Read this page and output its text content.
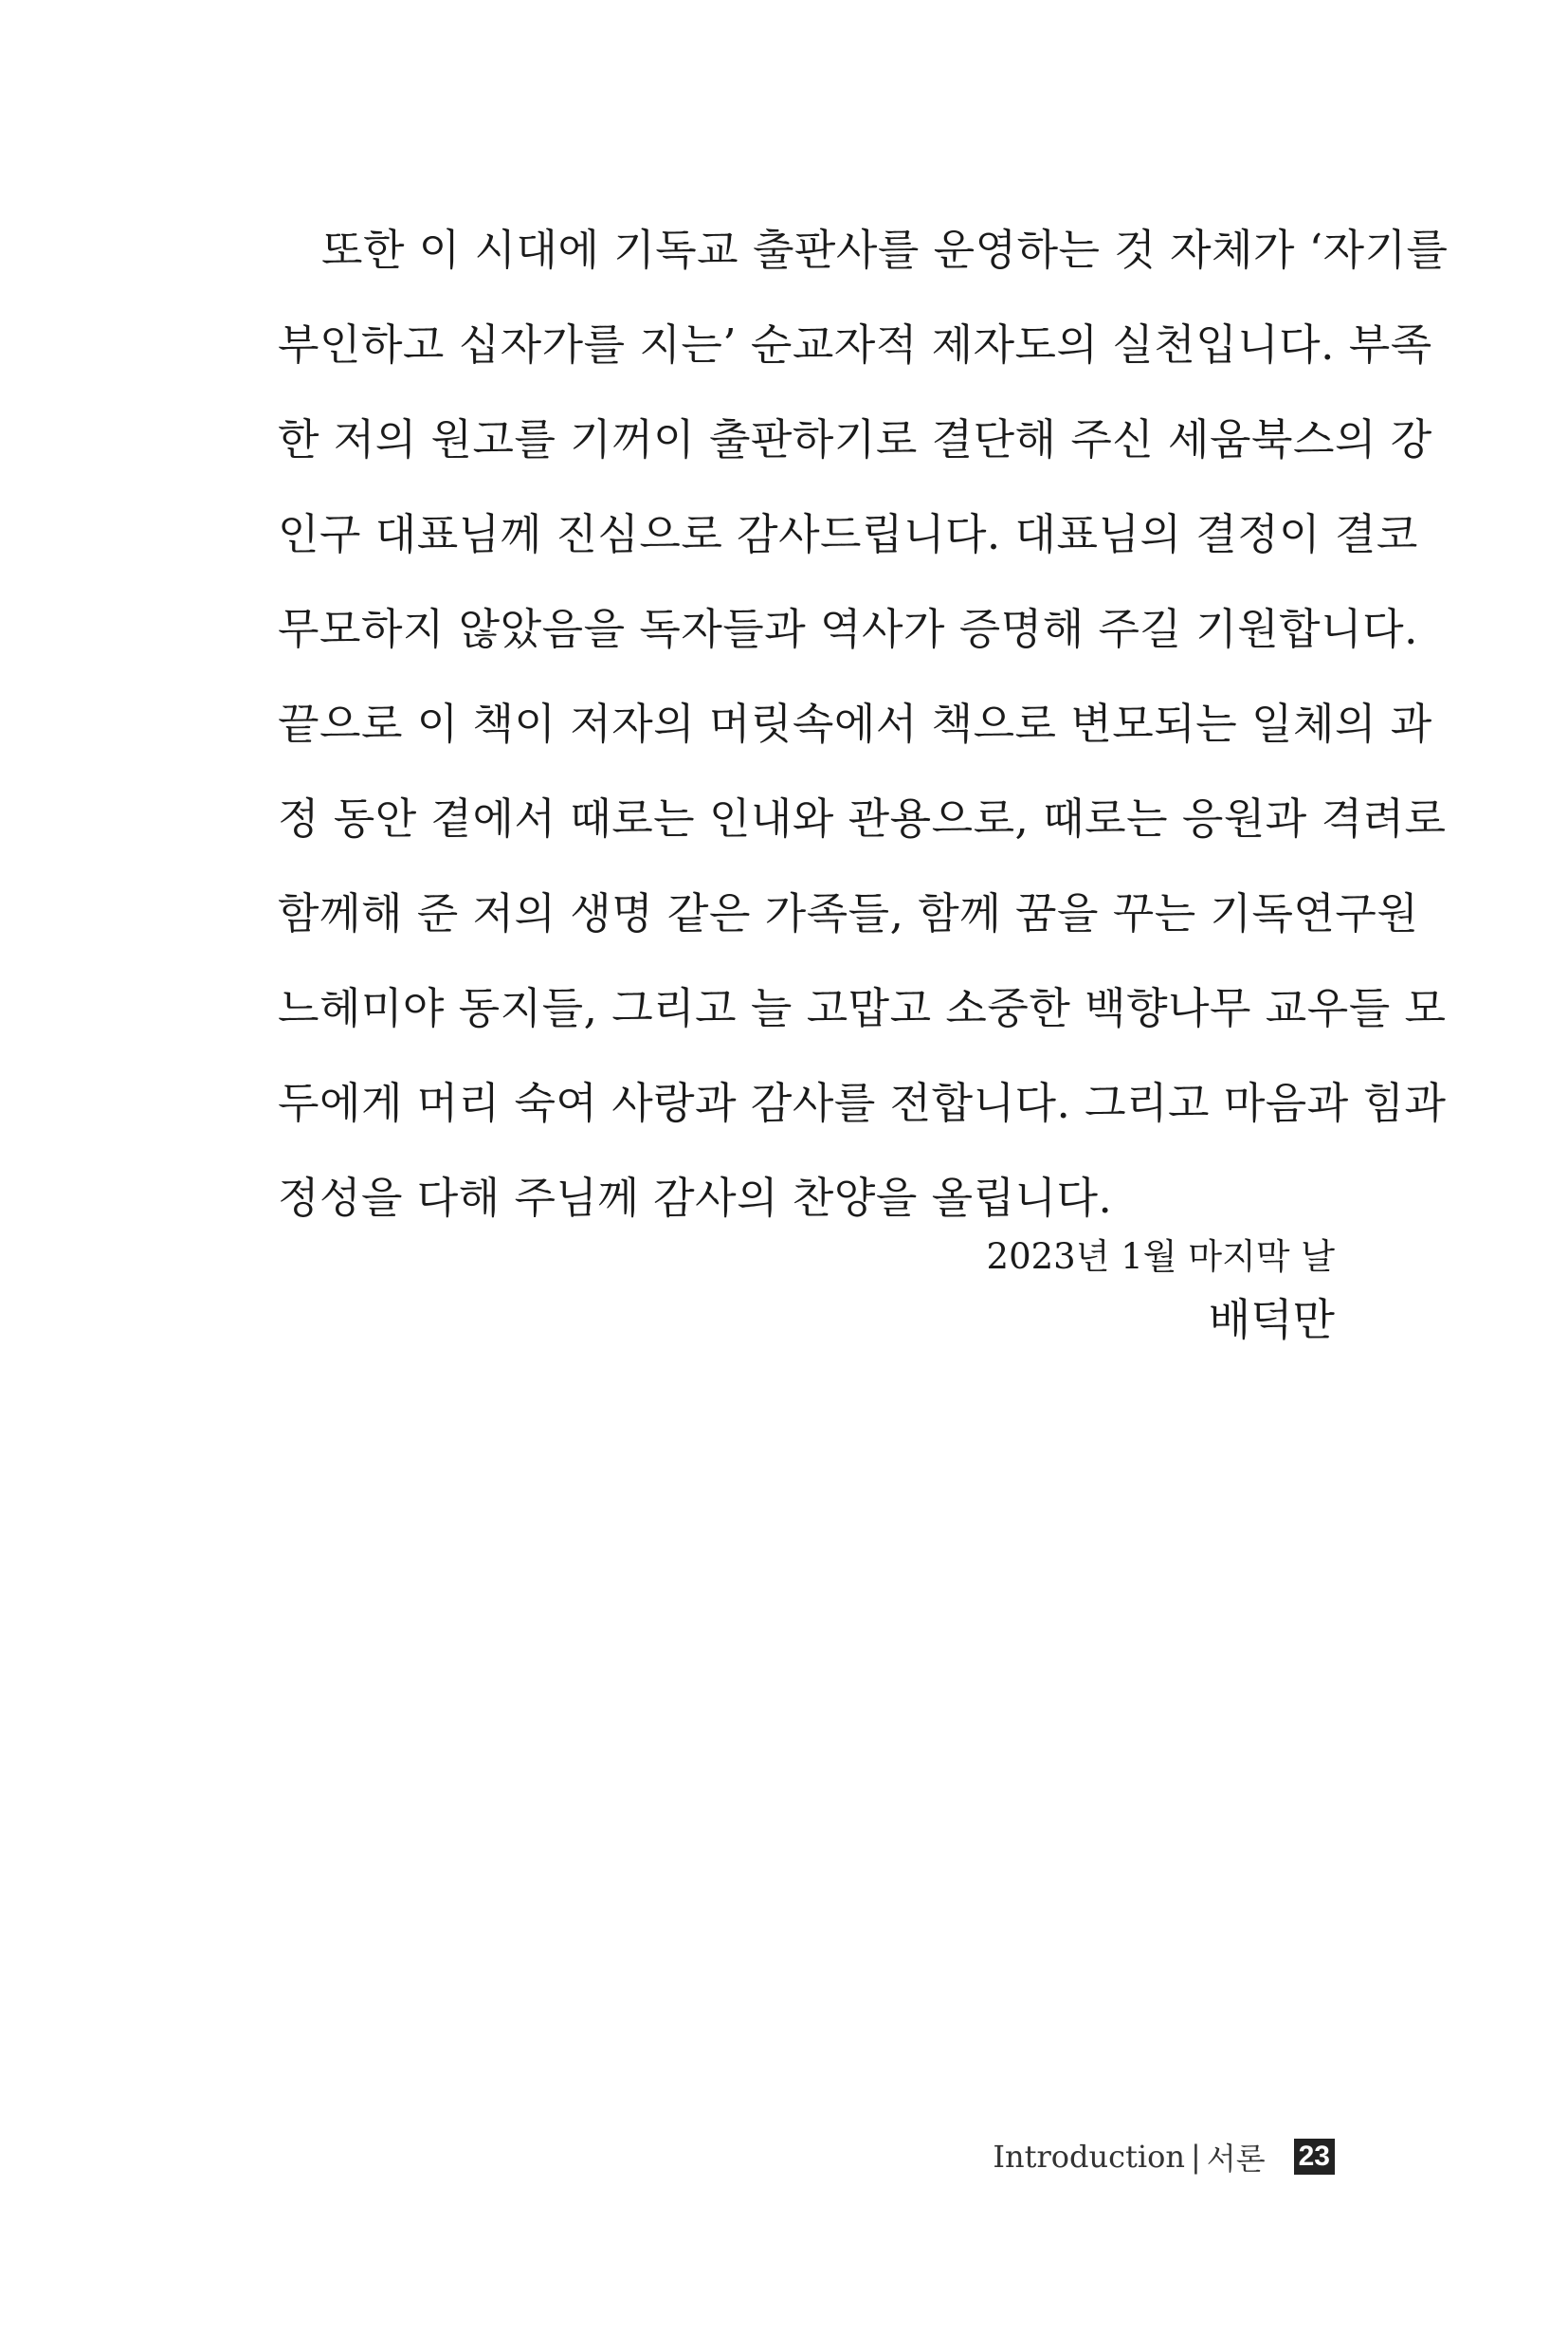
또한 이 시대에 기독교 출판사를 운영하는 것 자체가 ‘자기를
부인하고 십자가를 지는’ 순교자적 제자도의 실천입니다. 부족
한 저의 원고를 기꺼이 출판하기로 결단해 주신 세움북스의 강
인구 대표님께 진심으로 감사드립니다. 대표님의 결정이 결코
무모하지 않았음을 독자들과 역사가 증명해 주길 기원합니다.
끝으로 이 책이 저자의 머릿속에서 책으로 변모되는 일체의 과
정 동안 곁에서 때로는 인내와 관용으로, 때로는 응원과 격려로
함께해 준 저의 생명 같은 가족들, 함께 꿈을 꾸는 기독연구원
느헤미야 동지들, 그리고 늘 고맙고 소중한 백향나무 교우들 모
두에게 머리 숙여 사랑과 감사를 전합니다. 그리고 마음과 힘과
정성을 다해 주님께 감사의 찬양을 올립니다.
2023년 1월 마지막 날
배덕만
Introduction | 서론 23
